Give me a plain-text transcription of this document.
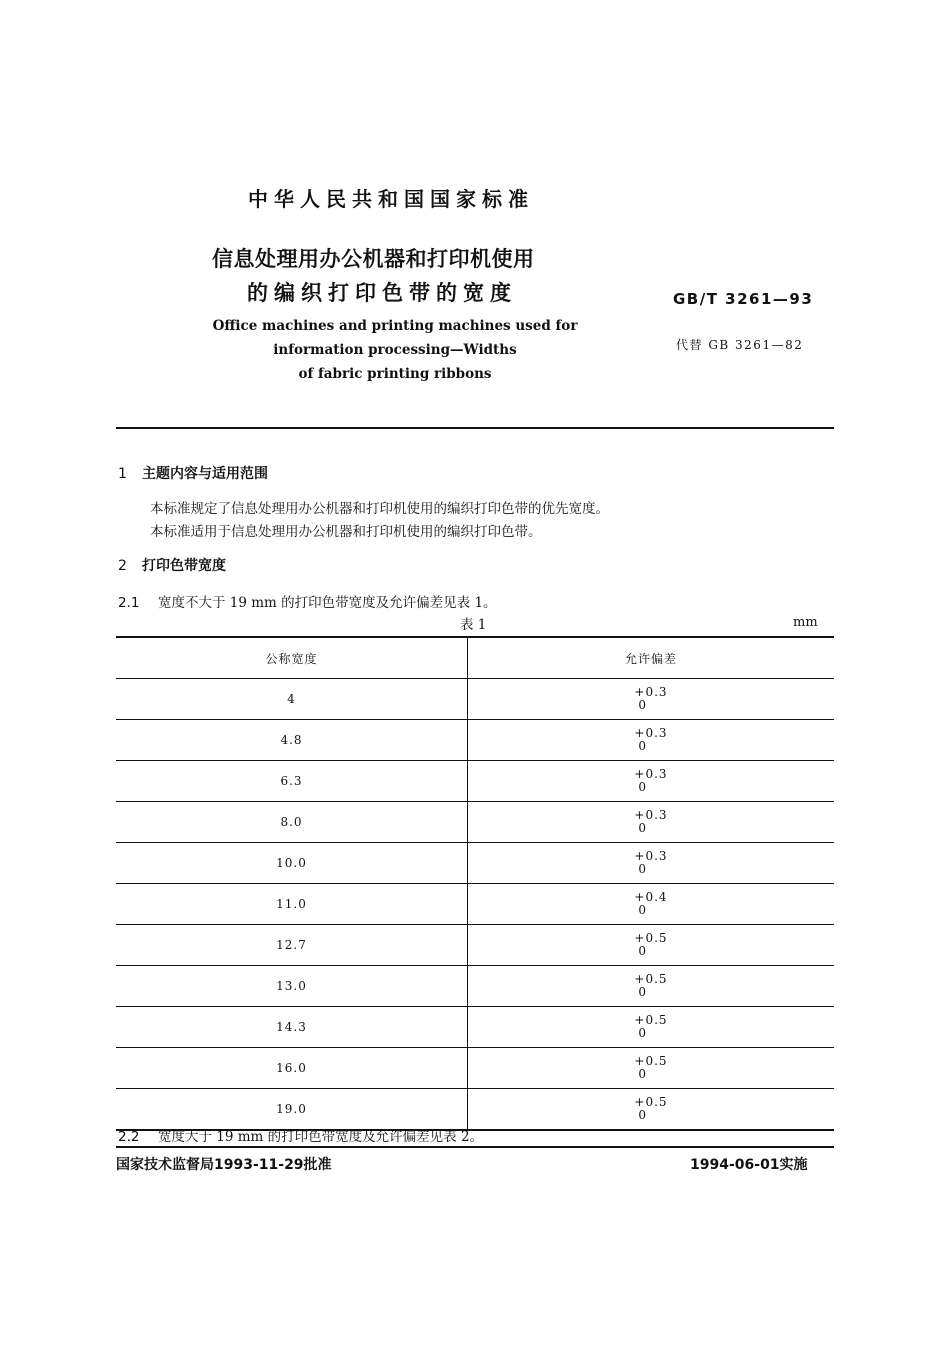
中华人民共和国国家标准
信息处理用办公机器和打印机使用
的编织打印色带的宽度
Office machines and printing machines used for
information processing—Widths
of fabric printing ribbons
GB/T 3261—93
代替 GB 3261—82
1 主题内容与适用范围
本标准规定了信息处理用办公机器和打印机使用的编织打印色带的优先宽度。
本标准适用于信息处理用办公机器和打印机使用的编织打印色带。
2 打印色带宽度
2.1 宽度不大于 19 mm 的打印色带宽度及允许偏差见表 1。
表 1	mm
公称宽度	允许偏差
4	+0.3
0

4.8	+0.3
0

6.3	+0.3
0

8.0	+0.3
0

10.0	+0.3
0

11.0	+0.4
0

12.7	+0.5
0

13.0	+0.5
0

14.3	+0.5
0

16.0	+0.5
0

19.0	+0.5
0
2.2 宽度大于 19 mm 的打印色带宽度及允许偏差见表 2。
国家技术监督局1993-11-29批准	1994-06-01实施
